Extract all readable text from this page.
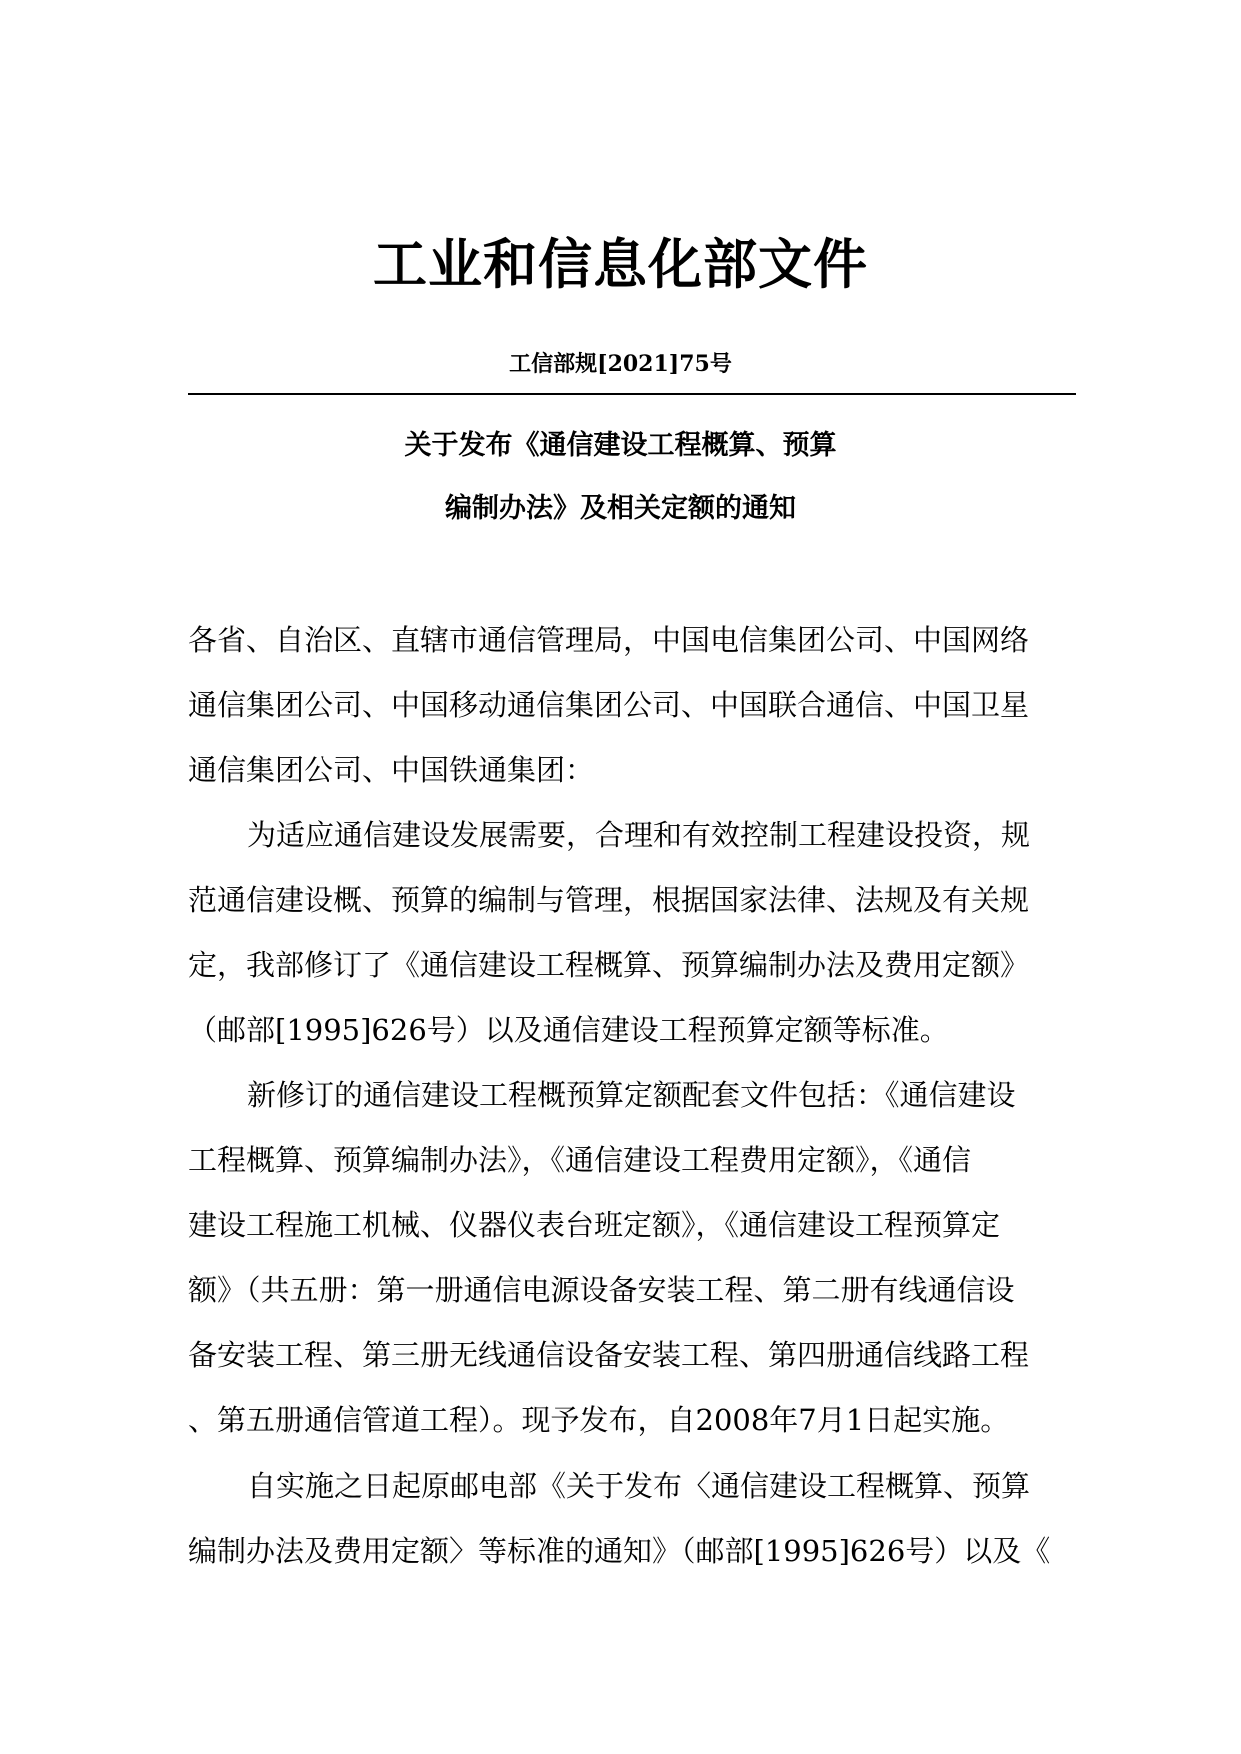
工业和信息化部文件
工信部规[2021]75号
关于发布《通信建设工程概算、预算
编制办法》及相关定额的通知
各省、自治区、直辖市通信管理局，中国电信集团公司、中国网络
通信集团公司、中国移动通信集团公司、中国联合通信、中国卫星
通信集团公司、中国铁通集团：
为适应通信建设发展需要，合理和有效控制工程建设投资，规
范通信建设概、预算的编制与管理，根据国家法律、法规及有关规
定，我部修订了《通信建设工程概算、预算编制办法及费用定额》
（邮部[1995]626号）以及通信建设工程预算定额等标准。
新修订的通信建设工程概预算定额配套文件包括：《通信建设
工程概算、预算编制办法》，《通信建设工程费用定额》，《通信
建设工程施工机械、仪器仪表台班定额》，《通信建设工程预算定
额》（共五册：第一册通信电源设备安装工程、第二册有线通信设
备安装工程、第三册无线通信设备安装工程、第四册通信线路工程
、第五册通信管道工程）。现予发布，自2008年7月1日起实施。
自实施之日起原邮电部《关于发布〈通信建设工程概算、预算
编制办法及费用定额〉等标准的通知》（邮部[1995]626号）以及《
